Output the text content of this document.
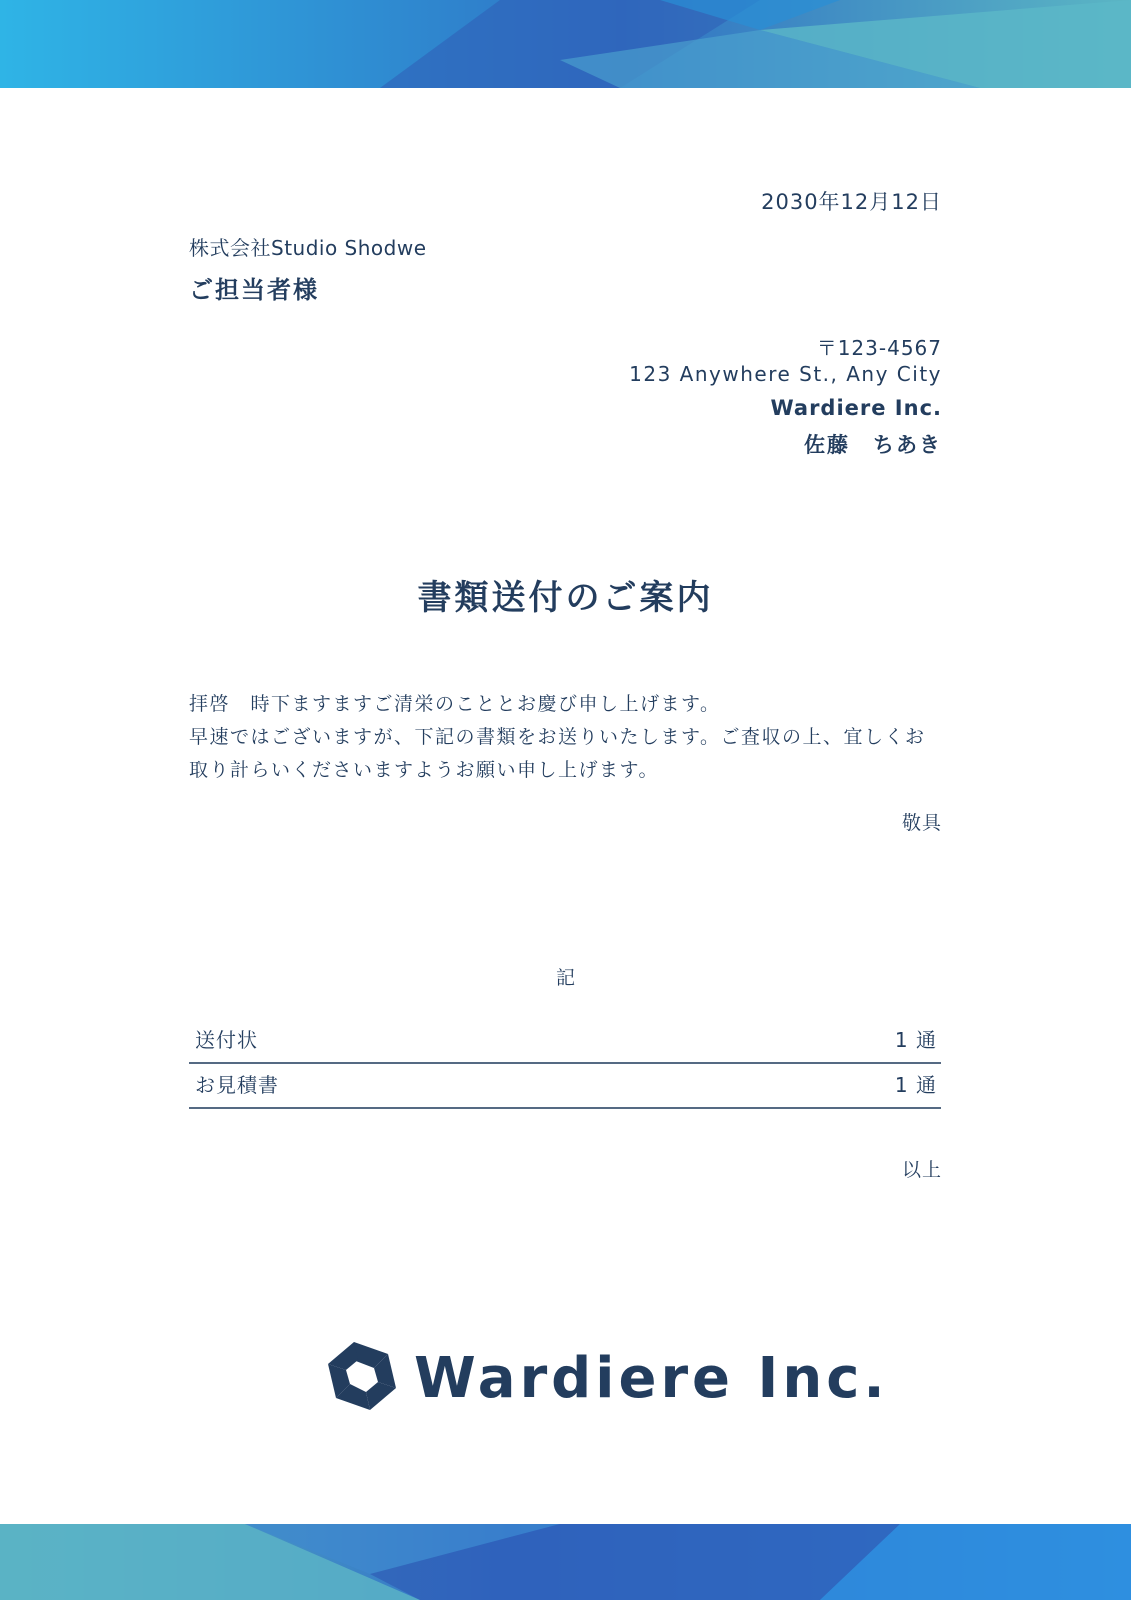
2030年12月12日
株式会社Studio Shodwe
ご担当者様
〒123-4567
123 Anywhere St., Any City
Wardiere Inc.
佐藤　ちあき
書類送付のご案内

拝啓　時下ますますご清栄のこととお慶び申し上げます。

早速ではございますが、下記の書類をお送りいたします。ご査収の上、宜しくお取り計らいくださいますようお願い申し上げます。

敬具
記
送付状	1 通
お見積書	1 通
以上
Wardiere Inc.
